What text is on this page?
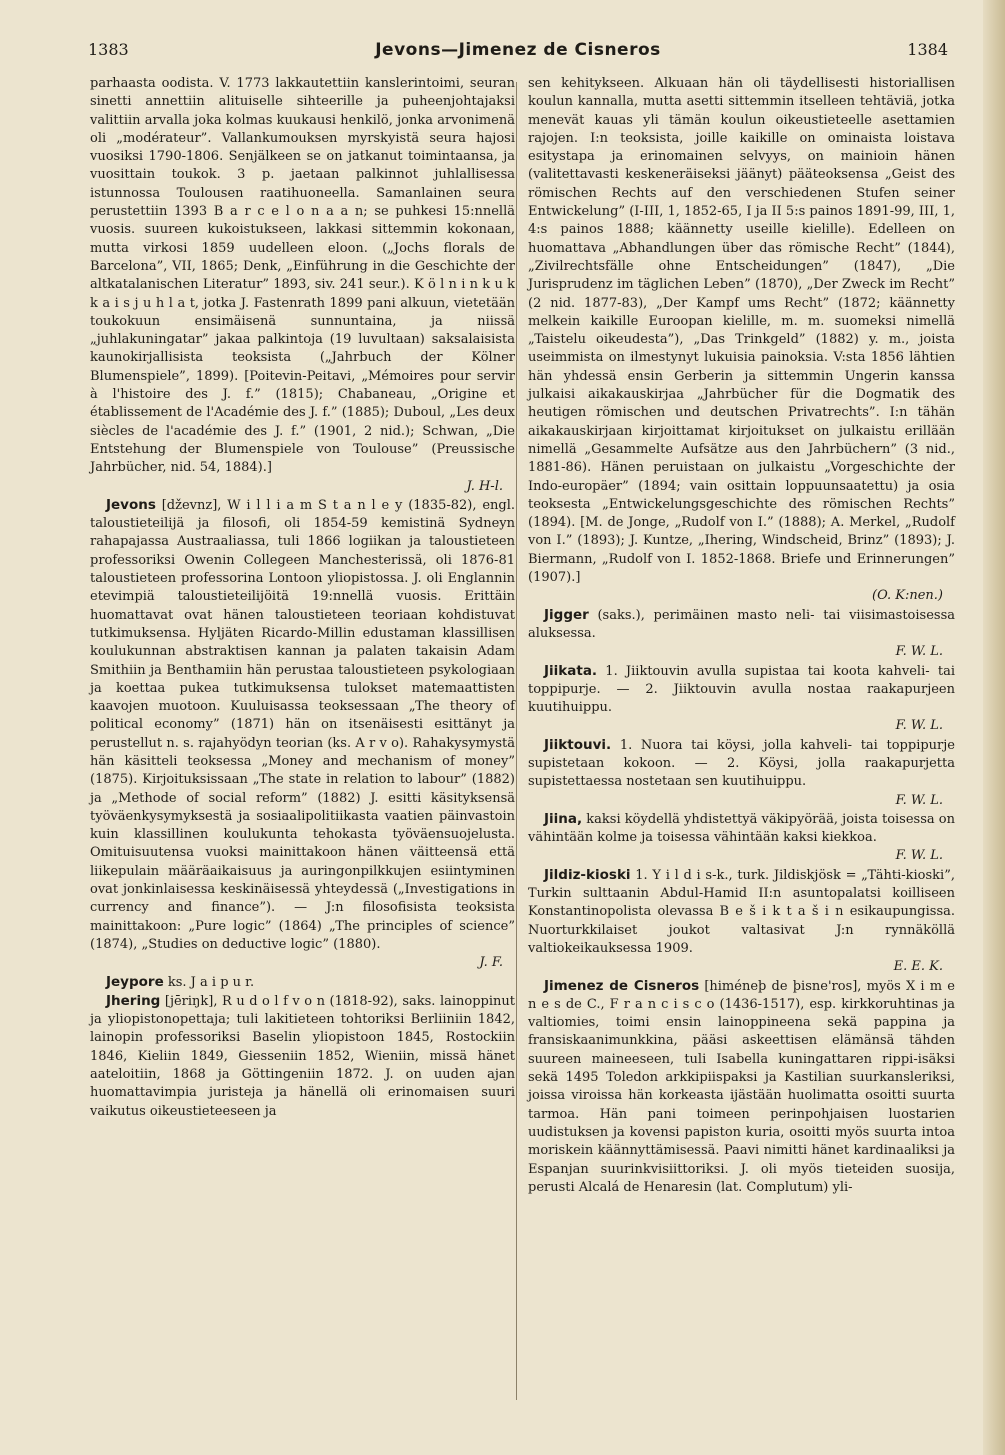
1383	Jevons—Jimenez de Cisneros	1384

parhaasta oodista. V. 1773 lakkautettiin kanslerintoimi, seuran sinetti annettiin alituiselle sihteerille ja puheenjohtajaksi valittiin arvalla joka kolmas kuukausi henkilö, jonka arvonimenä oli „modérateur”. Vallankumouksen myrskyistä seura hajosi vuosiksi 1790-1806. Senjälkeen se on jatkanut toimintaansa, ja vuosittain toukok. 3 p. jaetaan palkinnot juhlallisessa istunnossa Toulousen raatihuoneella. Samanlainen seura perustettiin 1393 B a r c e l o n a a n; se puhkesi 15:nnellä vuosis. suureen kukoistukseen, lakkasi sittemmin kokonaan, mutta virkosi 1859 uudelleen eloon. („Jochs florals de Barcelona”, VII, 1865; Denk, „Einführung in die Geschichte der altkatalanischen Literatur” 1893, siv. 241 seur.). K ö l n i n k u k k a i s j u h l a t, jotka J. Fastenrath 1899 pani alkuun, vietetään toukokuun ensimäisenä sunnuntaina, ja niissä „juhlakuningatar” jakaa palkintoja (19 luvultaan) saksalaisista kaunokirjallisista teoksista („Jahrbuch der Kölner Blumenspiele”, 1899). [Poitevin-Peitavi, „Mémoires pour servir à l'histoire des J. f.” (1815); Chabaneau, „Origine et établissement de l'Académie des J. f.” (1885); Duboul, „Les deux siècles de l'académie des J. f.” (1901, 2 nid.); Schwan, „Die Entstehung der Blumenspiele von Toulouse” (Preussische Jahrbücher, nid. 54, 1884).]
J. H-l.

Jevons [dževnz], W i l l i a m S t a n l e y (1835-82), engl. taloustieteilijä ja filosofi, oli 1854-59 kemistinä Sydneyn rahapajassa Austraaliassa, tuli 1866 logiikan ja taloustieteen professoriksi Owenin Collegeen Manchesterissä, oli 1876-81 taloustieteen professorina Lontoon yliopistossa. J. oli Englannin etevimpiä taloustieteilijöitä 19:nnellä vuosis. Erittäin huomattavat ovat hänen taloustieteen teoriaan kohdistuvat tutkimuksensa. Hyljäten Ricardo-Millin edustaman klassillisen koulukunnan abstraktisen kannan ja palaten takaisin Adam Smithiin ja Benthamiin hän perustaa taloustieteen psykologiaan ja koettaa pukea tutkimuksensa tulokset matemaattisten kaavojen muotoon. Kuuluisassa teoksessaan „The theory of political economy” (1871) hän on itsenäisesti esittänyt ja perustellut n. s. rajahyödyn teorian (ks. A r v o). Rahakysymystä hän käsitteli teoksessa „Money and mechanism of money” (1875). Kirjoituksissaan „The state in relation to labour” (1882) ja „Methode of social reform” (1882) J. esitti käsityksensä työväenkysymyksestä ja sosiaalipolitiikasta vaatien päinvastoin kuin klassillinen koulukunta tehokasta työväensuojelusta. Omituisuutensa vuoksi mainittakoon hänen väitteensä että liikepulain määräaikaisuus ja auringonpilkkujen esiintyminen ovat jonkinlaisessa keskinäisessä yhteydessä („Investigations in currency and finance”). — J:n filosofisista teoksista mainittakoon: „Pure logic” (1864) „The principles of science” (1874), „Studies on deductive logic” (1880).
J. F.

Jeypore ks. J a i p u r.

Jhering [jēriŋk], R u d o l f v o n (1818-92), saks. lainoppinut ja yliopistonopettaja; tuli lakitieteen tohtoriksi Berliiniin 1842, lainopin professoriksi Baselin yliopistoon 1845, Rostockiin 1846, Kieliin 1849, Giesseniin 1852, Wieniin, missä hänet aateloitiin, 1868 ja Göttingeniin 1872. J. on uuden ajan huomattavimpia juristeja ja hänellä oli erinomaisen suuri vaikutus oikeustieteeseen ja

sen kehitykseen. Alkuaan hän oli täydellisesti historiallisen koulun kannalla, mutta asetti sittemmin itselleen tehtäviä, jotka menevät kauas yli tämän koulun oikeustieteelle asettamien rajojen. I:n teoksista, joille kaikille on ominaista loistava esitystapa ja erinomainen selvyys, on mainioin hänen (valitettavasti keskeneräiseksi jäänyt) pääteoksensa „Geist des römischen Rechts auf den verschiedenen Stufen seiner Entwickelung” (I-III, 1, 1852-65, I ja II 5:s painos 1891-99, III, 1, 4:s painos 1888; käännetty useille kielille). Edelleen on huomattava „Abhandlungen über das römische Recht” (1844), „Zivilrechtsfälle ohne Entscheidungen” (1847), „Die Jurisprudenz im täglichen Leben” (1870), „Der Zweck im Recht” (2 nid. 1877-83), „Der Kampf ums Recht” (1872; käännetty melkein kaikille Euroopan kielille, m. m. suomeksi nimellä „Taistelu oikeudesta”), „Das Trinkgeld” (1882) y. m., joista useimmista on ilmestynyt lukuisia painoksia. V:sta 1856 lähtien hän yhdessä ensin Gerberin ja sittemmin Ungerin kanssa julkaisi aikakauskirjaa „Jahrbücher für die Dogmatik des heutigen römischen und deutschen Privatrechts”. I:n tähän aikakauskirjaan kirjoittamat kirjoitukset on julkaistu erillään nimellä „Gesammelte Aufsätze aus den Jahrbüchern” (3 nid., 1881-86). Hänen peruistaan on julkaistu „Vorgeschichte der Indo-europäer” (1894; vain osittain loppuunsaatettu) ja osia teoksesta „Entwickelungsgeschichte des römischen Rechts” (1894). [M. de Jonge, „Rudolf von I.” (1888); A. Merkel, „Rudolf von I.” (1893); J. Kuntze, „Ihering, Windscheid, Brinz” (1893); J. Biermann, „Rudolf von I. 1852-1868. Briefe und Erinnerungen” (1907).]
(O. K:nen.)

Jigger (saks.), perimäinen masto neli- tai viisimastoisessa aluksessa.
F. W. L.

Jiikata. 1. Jiiktouvin avulla supistaa tai koota kahveli- tai toppipurje. — 2. Jiiktouvin avulla nostaa raakapurjeen kuutihuippu.
F. W. L.

Jiiktouvi. 1. Nuora tai köysi, jolla kahveli- tai toppipurje supistetaan kokoon. — 2. Köysi, jolla raakapurjetta supistettaessa nostetaan sen kuutihuippu.
F. W. L.

Jiina, kaksi köydellä yhdistettyä väkipyörää, joista toisessa on vähintään kolme ja toisessa vähintään kaksi kiekkoa.
F. W. L.

Jildiz-kioski 1. Y i l d i s-k., turk. Jildiskjösk = „Tähti-kioski”, Turkin sulttaanin Abdul-Hamid II:n asuntopalatsi koilliseen Konstantinopolista olevassa B e š i k t a š i n esikaupungissa. Nuorturkkilaiset joukot valtasivat J:n rynnäköllä valtiokeikauksessa 1909.
E. E. K.

Jimenez de Cisneros [himéneþ de þisne'ros], myös X i m e n e s de C., F r a n c i s c o (1436-1517), esp. kirkkoruhtinas ja valtiomies, toimi ensin lainoppineena sekä pappina ja fransiskaanimunkkina, pääsi askeettisen elämänsä tähden suureen maineeseen, tuli Isabella kuningattaren rippi-isäksi sekä 1495 Toledon arkkipiispaksi ja Kastilian suurkansleriksi, joissa viroissa hän korkeasta ijästään huolimatta osoitti suurta tarmoa. Hän pani toimeen perinpohjaisen luostarien uudistuksen ja kovensi papiston kuria, osoitti myös suurta intoa moriskein käännyttämisessä. Paavi nimitti hänet kardinaaliksi ja Espanjan suurinkvisiittoriksi. J. oli myös tieteiden suosija, perusti Alcalá de Henaresin (lat. Complutum) yli-
